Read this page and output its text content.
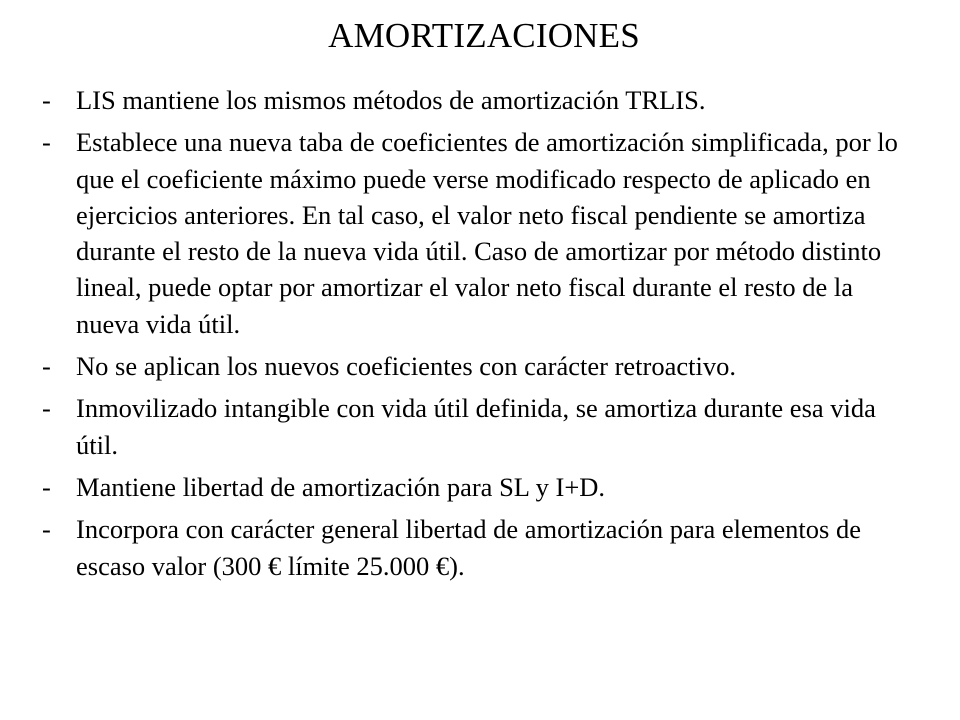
AMORTIZACIONES
- LIS mantiene los mismos métodos de amortización TRLIS.
- Establece una nueva taba de coeficientes de amortización simplificada, por lo que el coeficiente máximo puede verse modificado respecto de aplicado en ejercicios anteriores. En tal caso, el valor neto fiscal pendiente se amortiza durante el resto de la nueva vida útil. Caso de amortizar por método distinto lineal, puede optar por amortizar el valor neto fiscal durante el resto de la nueva vida útil.
- No se aplican los nuevos coeficientes con carácter retroactivo.
- Inmovilizado intangible con vida útil definida, se amortiza durante esa vida útil.
- Mantiene libertad de amortización para SL y I+D.
- Incorpora con carácter general libertad de amortización para elementos de escaso valor (300 € límite 25.000 €).
